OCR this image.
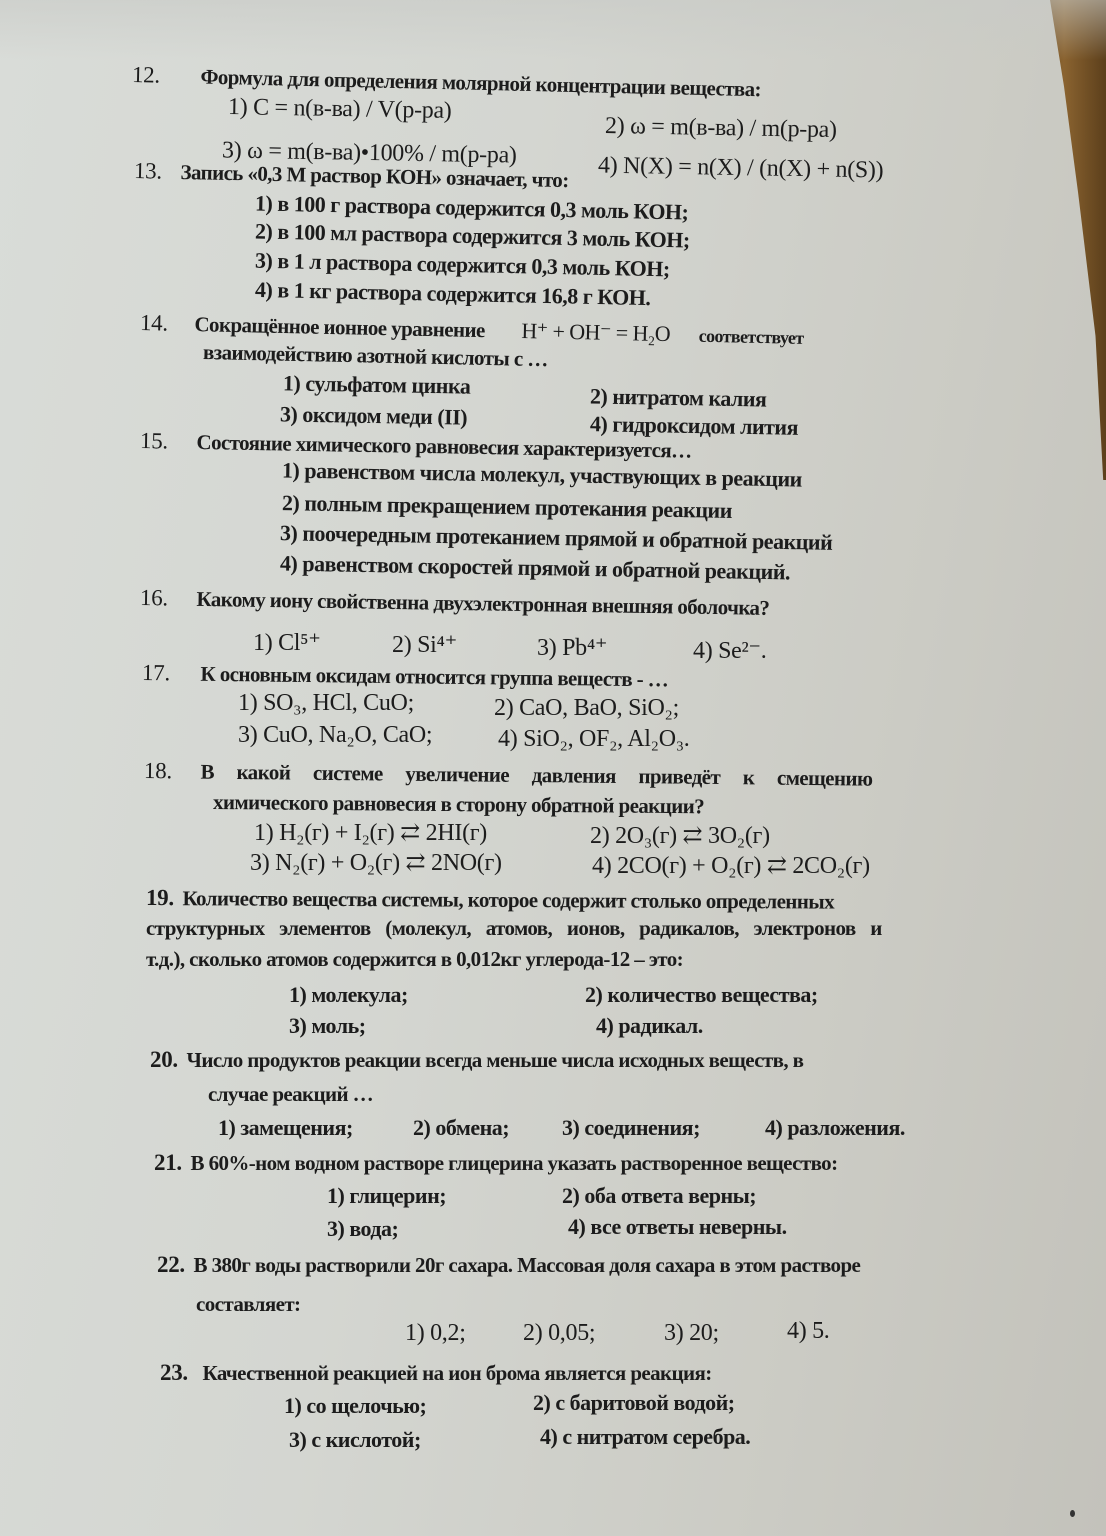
12. Формула для определения молярной концентрации вещества:
1) C = n(в-ва) / V(р-ра)
2) ω = m(в-ва) / m(р-ра)
3) ω = m(в-ва)•100% / m(р-ра)	4) N(X) = n(X) / (n(X) + n(S))
13. Запись «0,3 М раствор КОН» означает, что:
1) в 100 г раствора содержится 0,3 моль КОН;
2) в 100 мл раствора содержится 3 моль КОН;
3) в 1 л раствора содержится 0,3 моль КОН;
4) в 1 кг раствора содержится 16,8 г КОН.
14. Сокращённое ионное уравнение H⁺ + OH⁻ = H₂O соответствует
взаимодействию азотной кислоты с …
1) сульфатом цинка	2) нитратом калия
3) оксидом меди (II)	4) гидроксидом лития
15. Состояние химического равновесия характеризуется…
1) равенством числа молекул, участвующих в реакции
2) полным прекращением протекания реакции
3) поочередным протеканием прямой и обратной реакций
4) равенством скоростей прямой и обратной реакций.
16. Какому иону свойственна двухэлектронная внешняя оболочка?
1) Cl⁵⁺	2) Si⁴⁺	3) Pb⁴⁺	4) Se²⁻.
17. К основным оксидам относится группа веществ - …
1) SO₃, HCl, CuO;	2) CaO, BaO, SiO₂;
3) CuO, Na₂O, CaO;	4) SiO₂, OF₂, Al₂O₃.
18. В какой системе увеличение давления приведёт к смещению
химического равновесия в сторону обратной реакции?
1) H₂(г) + I₂(г) ⇄ 2HI(г)	2) 2O₃(г) ⇄ 3O₂(г)
3) N₂(г) + O₂(г) ⇄ 2NO(г)	4) 2CO(г) + O₂(г) ⇄ 2CO₂(г)
19. Количество вещества системы, которое содержит столько определенных
структурных элементов (молекул, атомов, ионов, радикалов, электронов и
т.д.), сколько атомов содержится в 0,012кг углерода-12 – это:
1) молекула;	2) количество вещества;
3) моль;	4) радикал.
20. Число продуктов реакции всегда меньше числа исходных веществ, в
случае реакций …
1) замещения;	2) обмена; 3) соединения;	4) разложения.
21. В 60%-ном водном растворе глицерина указать растворенное вещество:
1) глицерин;	2) оба ответа верны;
3) вода;	4) все ответы неверны.
22. В 380г воды растворили 20г сахара. Массовая доля сахара в этом растворе
составляет:
1) 0,2; 2) 0,05;	3) 20;	4) 5.
23. Качественной реакцией на ион брома является реакция:
1) со щелочью;	2) с баритовой водой;
3) с кислотой;	4) с нитратом серебра.
